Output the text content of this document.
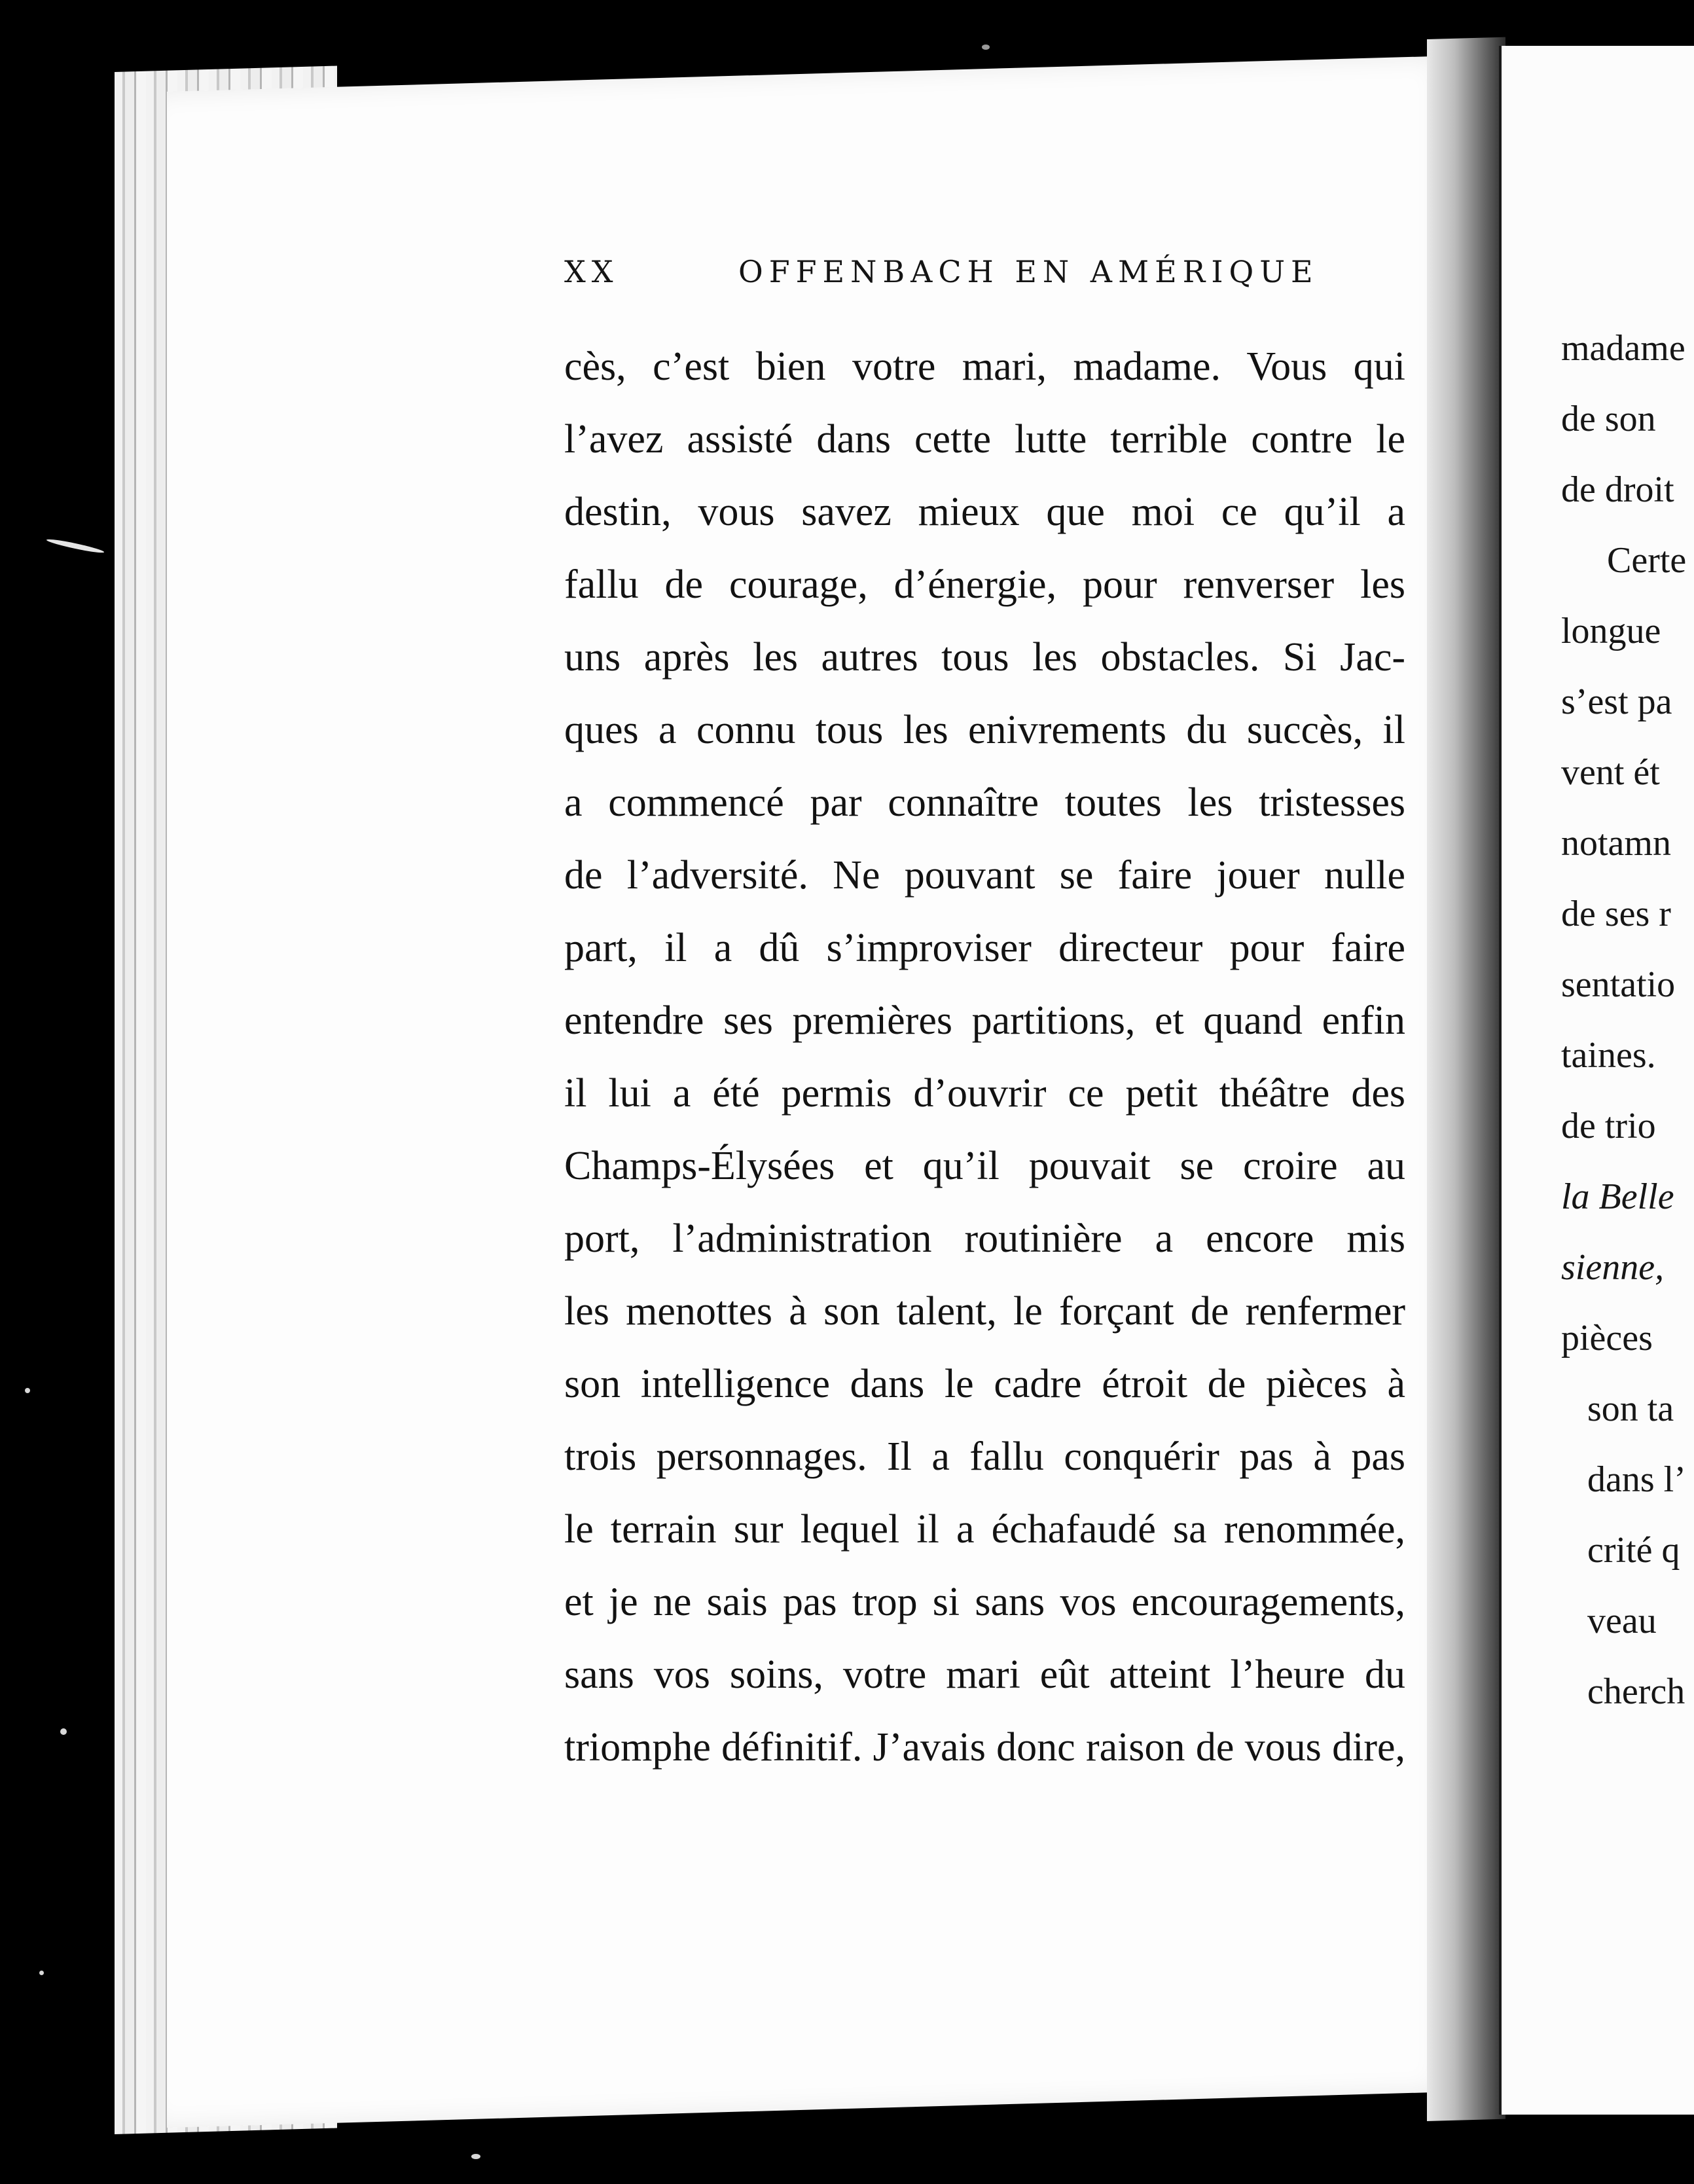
XX	OFFENBACH EN AMÉRIQUE
cès, c’est bien votre mari, madame. Vous qui
l’avez assisté dans cette lutte terrible contre le
destin, vous savez mieux que moi ce qu’il a
fallu de courage, d’énergie, pour renverser les
uns après les autres tous les obstacles. Si Jac-
ques a connu tous les enivrements du succès, il
a commencé par connaître toutes les tristesses
de l’adversité. Ne pouvant se faire jouer nulle
part, il a dû s’improviser directeur pour faire
entendre ses premières partitions, et quand enfin
il lui a été permis d’ouvrir ce petit théâtre des
Champs-Élysées et qu’il pouvait se croire au
port, l’administration routinière a encore mis
les menottes à son talent, le forçant de renfermer
son intelligence dans le cadre étroit de pièces à
trois personnages. Il a fallu conquérir pas à pas
le terrain sur lequel il a échafaudé sa renommée,
et je ne sais pas trop si sans vos encouragements,
sans vos soins, votre mari eût atteint l’heure du
triomphe définitif. J’avais donc raison de vous dire,
madame
de son
de droit
Certe
longue
s’est pa
vent ét
notamn
de ses r
sentatio
taines.
de trio
la Belle
sienne,
pièces
son ta
dans l’
crité q
veau
cherch
